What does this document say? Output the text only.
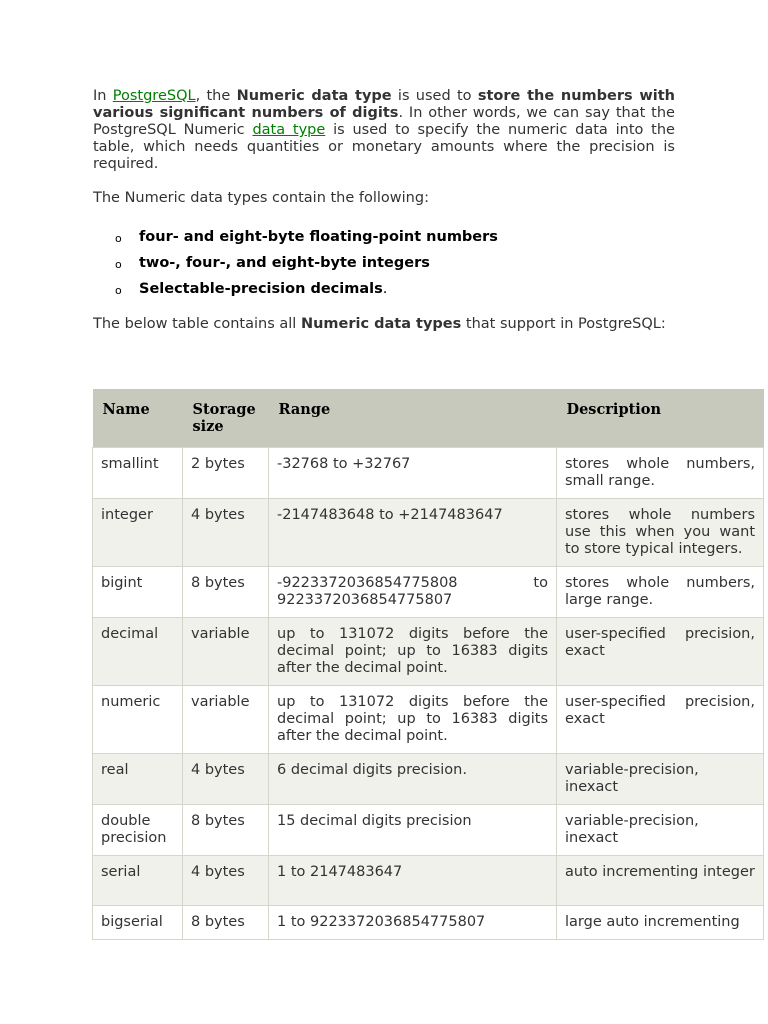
In PostgreSQL, the Numeric data type is used to store the numbers with various significant numbers of digits. In other words, we can say that the PostgreSQL Numeric data type is used to specify the numeric data into the table, which needs quantities or monetary amounts where the precision is required.

The Numeric data types contain the following:

o four- and eight-byte floating-point numbers
o two-, four-, and eight-byte integers
o Selectable-precision decimals.

The below table contains all Numeric data types that support in PostgreSQL:

Name	Storage size	Range	Description
smallint	2 bytes	-32768 to +32767	stores whole numbers, small range.
integer	4 bytes	-2147483648 to +2147483647	stores whole numbers use this when you want to store typical integers.
bigint	8 bytes	-9223372036854775808 to 9223372036854775807	stores whole numbers, large range.
decimal	variable	up to 131072 digits before the decimal point; up to 16383 digits after the decimal point.	user-specified precision, exact
numeric	variable	up to 131072 digits before the decimal point; up to 16383 digits after the decimal point.	user-specified precision, exact
real	4 bytes	6 decimal digits precision.	variable-precision, inexact
double precision	8 bytes	15 decimal digits precision	variable-precision, inexact
serial	4 bytes	1 to 2147483647	auto incrementing integer
bigserial	8 bytes	1 to 9223372036854775807	large auto incrementing
